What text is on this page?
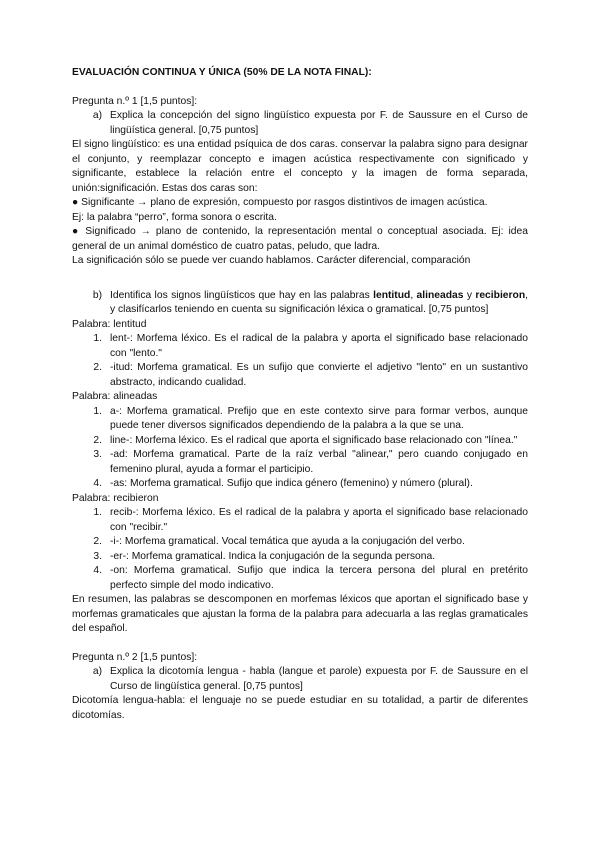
EVALUACIÓN CONTINUA Y ÚNICA (50% DE LA NOTA FINAL):
Pregunta n.º 1 [1,5 puntos]:
a) Explica la concepción del signo lingüístico expuesta por F. de Saussure en el Curso de lingüística general. [0,75 puntos]

El signo lingüístico: es una entidad psíquica de dos caras. conservar la palabra signo para designar el conjunto, y reemplazar concepto e imagen acústica respectivamente con significado y significante, establece la relación entre el concepto y la imagen de forma separada, unión:significación. Estas dos caras son:

● Significante → plano de expresión, compuesto por rasgos distintivos de imagen acústica.

Ej: la palabra “perro”, forma sonora o escrita.

● Significado → plano de contenido, la representación mental o conceptual asociada. Ej: idea general de un animal doméstico de cuatro patas, peludo, que ladra.

La significación sólo se puede ver cuando hablamos. Carácter diferencial, comparación

b) Identifica los signos lingüísticos que hay en las palabras lentitud, alineadas y recibieron, y clasifícarlos teniendo en cuenta su significación léxica o gramatical. [0,75 puntos]
Palabra: lentitud
1. lent-: Morfema léxico. Es el radical de la palabra y aporta el significado base relacionado con "lento."
2. -itud: Morfema gramatical. Es un sufijo que convierte el adjetivo "lento" en un sustantivo abstracto, indicando cualidad.
Palabra: alineadas
1. a-: Morfema gramatical. Prefijo que en este contexto sirve para formar verbos, aunque puede tener diversos significados dependiendo de la palabra a la que se una.
2. line-: Morfema léxico. Es el radical que aporta el significado base relacionado con "línea."
3. -ad: Morfema gramatical. Parte de la raíz verbal "alinear," pero cuando conjugado en femenino plural, ayuda a formar el participio.
4. -as: Morfema gramatical. Sufijo que indica género (femenino) y número (plural).
Palabra: recibieron
1. recib-: Morfema léxico. Es el radical de la palabra y aporta el significado base relacionado con "recibir."
2. -i-: Morfema gramatical. Vocal temática que ayuda a la conjugación del verbo.
3. -er-: Morfema gramatical. Indica la conjugación de la segunda persona.
4. -on: Morfema gramatical. Sufijo que indica la tercera persona del plural en pretérito perfecto simple del modo indicativo.

En resumen, las palabras se descomponen en morfemas léxicos que aportan el significado base y morfemas gramaticales que ajustan la forma de la palabra para adecuarla a las reglas gramaticales del español.

Pregunta n.º 2 [1,5 puntos]:
a) Explica la dicotomía lengua - habla (langue et parole) expuesta por F. de Saussure en el Curso de lingüística general. [0,75 puntos]

Dicotomía lengua-habla: el lenguaje no se puede estudiar en su totalidad, a partir de diferentes dicotomías.
